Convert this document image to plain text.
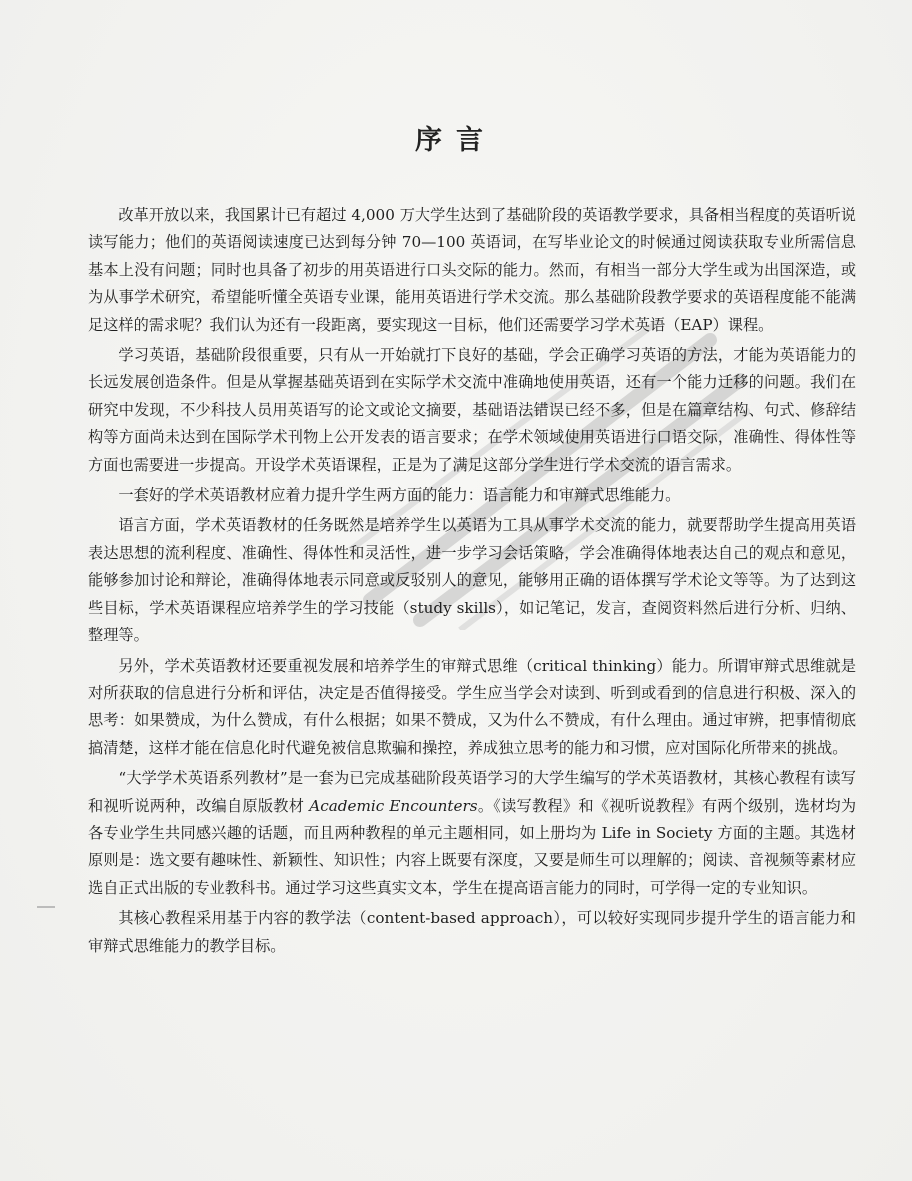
序言

改革开放以来，我国累计已有超过 4,000 万大学生达到了基础阶段的英语教学要求，具备相当程度的英语听说读写能力；他们的英语阅读速度已达到每分钟 70—100 英语词，在写毕业论文的时候通过阅读获取专业所需信息基本上没有问题；同时也具备了初步的用英语进行口头交际的能力。然而，有相当一部分大学生或为出国深造，或为从事学术研究，希望能听懂全英语专业课，能用英语进行学术交流。那么基础阶段教学要求的英语程度能不能满足这样的需求呢？我们认为还有一段距离，要实现这一目标，他们还需要学习学术英语（EAP）课程。

学习英语，基础阶段很重要，只有从一开始就打下良好的基础，学会正确学习英语的方法，才能为英语能力的长远发展创造条件。但是从掌握基础英语到在实际学术交流中准确地使用英语，还有一个能力迁移的问题。我们在研究中发现，不少科技人员用英语写的论文或论文摘要，基础语法错误已经不多，但是在篇章结构、句式、修辞结构等方面尚未达到在国际学术刊物上公开发表的语言要求；在学术领域使用英语进行口语交际，准确性、得体性等方面也需要进一步提高。开设学术英语课程，正是为了满足这部分学生进行学术交流的语言需求。

一套好的学术英语教材应着力提升学生两方面的能力：语言能力和审辩式思维能力。

语言方面，学术英语教材的任务既然是培养学生以英语为工具从事学术交流的能力，就要帮助学生提高用英语表达思想的流利程度、准确性、得体性和灵活性，进一步学习会话策略，学会准确得体地表达自己的观点和意见，能够参加讨论和辩论，准确得体地表示同意或反驳别人的意见，能够用正确的语体撰写学术论文等等。为了达到这些目标，学术英语课程应培养学生的学习技能（study skills），如记笔记，发言，查阅资料然后进行分析、归纳、整理等。

另外，学术英语教材还要重视发展和培养学生的审辩式思维（critical thinking）能力。所谓审辩式思维就是对所获取的信息进行分析和评估，决定是否值得接受。学生应当学会对读到、听到或看到的信息进行积极、深入的思考：如果赞成，为什么赞成，有什么根据；如果不赞成，又为什么不赞成，有什么理由。通过审辨，把事情彻底搞清楚，这样才能在信息化时代避免被信息欺骗和操控，养成独立思考的能力和习惯，应对国际化所带来的挑战。

“大学学术英语系列教材”是一套为已完成基础阶段英语学习的大学生编写的学术英语教材，其核心教程有读写和视听说两种，改编自原版教材 Academic Encounters。《读写教程》和《视听说教程》有两个级别，选材均为各专业学生共同感兴趣的话题，而且两种教程的单元主题相同，如上册均为 Life in Society 方面的主题。其选材原则是：选文要有趣味性、新颖性、知识性；内容上既要有深度，又要是师生可以理解的；阅读、音视频等素材应选自正式出版的专业教科书。通过学习这些真实文本，学生在提高语言能力的同时，可学得一定的专业知识。

其核心教程采用基于内容的教学法（content-based approach），可以较好实现同步提升学生的语言能力和审辩式思维能力的教学目标。
